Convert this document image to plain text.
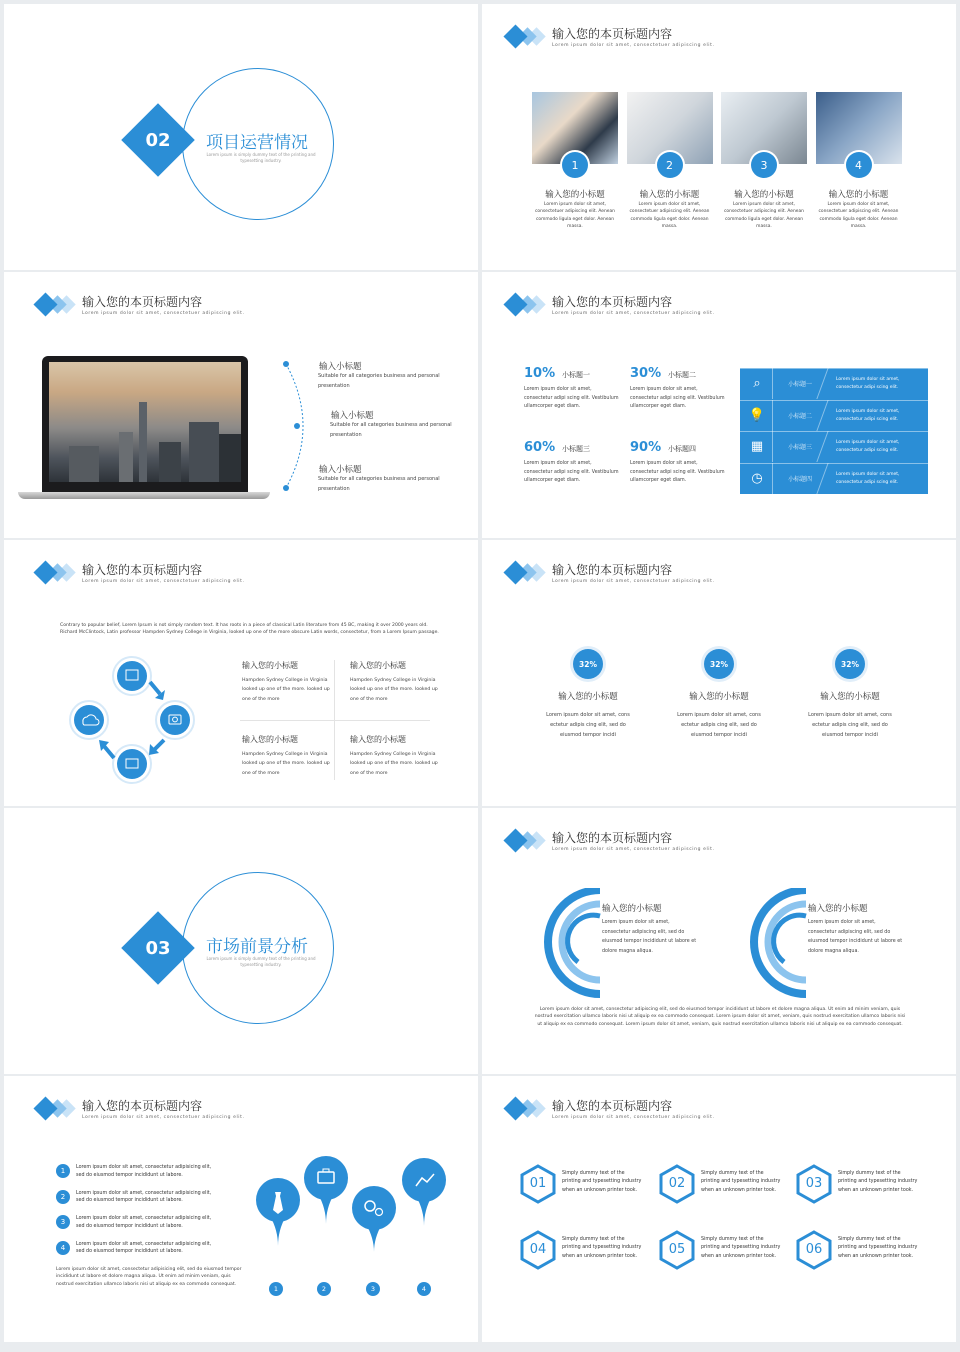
02	项目运营情况
Lorem ipsum is simply dummy text of the printing and typesetting industry.
输入您的本页标题内容
Lorem ipsum dolor sit amet, consectetuer adipiscing elit.
1
输入您的小标题
Lorem ipsum dolor sit amet, consectetuer adipiscing elit. Aenean commodo ligula eget dolor. Aenean massa.
2
输入您的小标题
Lorem ipsum dolor sit amet, consectetuer adipiscing elit. Aenean commodo ligula eget dolor. Aenean massa.
3
输入您的小标题
Lorem ipsum dolor sit amet, consectetuer adipiscing elit. Aenean commodo ligula eget dolor. Aenean massa.
4
输入您的小标题
Lorem ipsum dolor sit amet, consectetuer adipiscing elit. Aenean commodo ligula eget dolor. Aenean massa.
输入您的本页标题内容
Lorem ipsum dolor sit amet, consectetuer adipiscing elit.
输入小标题
Suitable for all categories business and personal presentation
输入小标题
Suitable for all categories business and personal presentation
输入小标题
Suitable for all categories business and personal presentation
输入您的本页标题内容
Lorem ipsum dolor sit amet, consectetuer adipiscing elit.
10% 小标题一
Lorem ipsum dolor sit amet, consectetur adipi scing elit. Vestibulum ullamcorper eget diam.
30% 小标题二
Lorem ipsum dolor sit amet, consectetur adipi scing elit. Vestibulum ullamcorper eget diam.
60% 小标题三
Lorem ipsum dolor sit amet, consectetur adipi scing elit. Vestibulum ullamcorper eget diam.
90% 小标题四
Lorem ipsum dolor sit amet, consectetur adipi scing elit. Vestibulum ullamcorper eget diam.
⌕	小标题一
Lorem ipsum dolor sit amet, consectetur adipi scing elit.
💡	小标题二
Lorem ipsum dolor sit amet, consectetur adipi scing elit.
▦	小标题三
Lorem ipsum dolor sit amet, consectetur adipi scing elit.
◷	小标题四
Lorem ipsum dolor sit amet, consectetur adipi scing elit.
输入您的本页标题内容
Lorem ipsum dolor sit amet, consectetuer adipiscing elit.
Contrary to popular belief, Lorem Ipsum is not simply random text. It has roots in a piece of classical Latin literature from 45 BC, making it over 2000 years old. Richard McClintock, Latin professor Hampden Sydney College in Virginia, looked up one of the more obscure Latin words, consectetur, from a Lorem Ipsum passage.
输入您的小标题
Hampden Sydney College in Virginia looked up one of the more. looked up one of the more
输入您的小标题
Hampden Sydney College in Virginia looked up one of the more. looked up one of the more
输入您的小标题
Hampden Sydney College in Virginia looked up one of the more. looked up one of the more
输入您的小标题
Hampden Sydney College in Virginia looked up one of the more. looked up one of the more
输入您的本页标题内容
Lorem ipsum dolor sit amet, consectetuer adipiscing elit.
32%
输入您的小标题
Lorem ipsum dolor sit amet, cons ectetur adipis cing elit, sed do eiusmod tempor incidi
32%
输入您的小标题
Lorem ipsum dolor sit amet, cons ectetur adipis cing elit, sed do eiusmod tempor incidi
32%
输入您的小标题
Lorem ipsum dolor sit amet, cons ectetur adipis cing elit, sed do eiusmod tempor incidi
03	市场前景分析
Lorem ipsum is simply dummy text of the printing and typesetting industry.
输入您的本页标题内容
Lorem ipsum dolor sit amet, consectetuer adipiscing elit.
输入您的小标题
Lorem ipsum dolor sit amet, consectetur adipiscing elit, sed do eiusmod tempor incididunt ut labore et dolore magna aliqua.
输入您的小标题
Lorem ipsum dolor sit amet, consectetur adipiscing elit, sed do eiusmod tempor incididunt ut labore et dolore magna aliqua.
Lorem ipsum dolor sit amet, consectetur adipiscing elit, sed do eiusmod tempor incididunt ut labore et dolore magna aliqua. Ut enim ad minim veniam, quis nostrud exercitation ullamco laboris nisi ut aliquip ex ea commodo consequat. Lorem ipsum dolor sit amet, veniam, quis nostrud exercitation ullamco laboris nisi ut aliquip ex ea commodo consequat. Lorem ipsum dolor sit amet, veniam, quis nostrud exercitation ullamco laboris nisi ut aliquip ex ea commodo consequat.
输入您的本页标题内容
Lorem ipsum dolor sit amet, consectetuer adipiscing elit.
1	Lorem ipsum dolor sit amet, consectetur adipisicing elit, sed do eiusmod tempor incididunt ut labore.
2	Lorem ipsum dolor sit amet, consectetur adipisicing elit, sed do eiusmod tempor incididunt ut labore.
3	Lorem ipsum dolor sit amet, consectetur adipisicing elit, sed do eiusmod tempor incididunt ut labore.
4	Lorem ipsum dolor sit amet, consectetur adipisicing elit, sed do eiusmod tempor incididunt ut labore.
Lorem ipsum dolor sit amet, consectetur adipisicing elit, sed do eiusmod tempor incididunt ut labore et dolore magna aliqua. Ut enim ad minim veniam, quis nostrud exercitation ullamco laboris nisi ut aliquip ex ea commodo consequat.
1	2	3	4
输入您的本页标题内容
Lorem ipsum dolor sit amet, consectetuer adipiscing elit.
01
Simply dummy text of the printing and typesetting industry when an unknown printer took.	02
Simply dummy text of the printing and typesetting industry when an unknown printer took.	03
Simply dummy text of the printing and typesetting industry when an unknown printer took.
04
Simply dummy text of the printing and typesetting industry when an unknown printer took.	05
Simply dummy text of the printing and typesetting industry when an unknown printer took.	06
Simply dummy text of the printing and typesetting industry when an unknown printer took.
